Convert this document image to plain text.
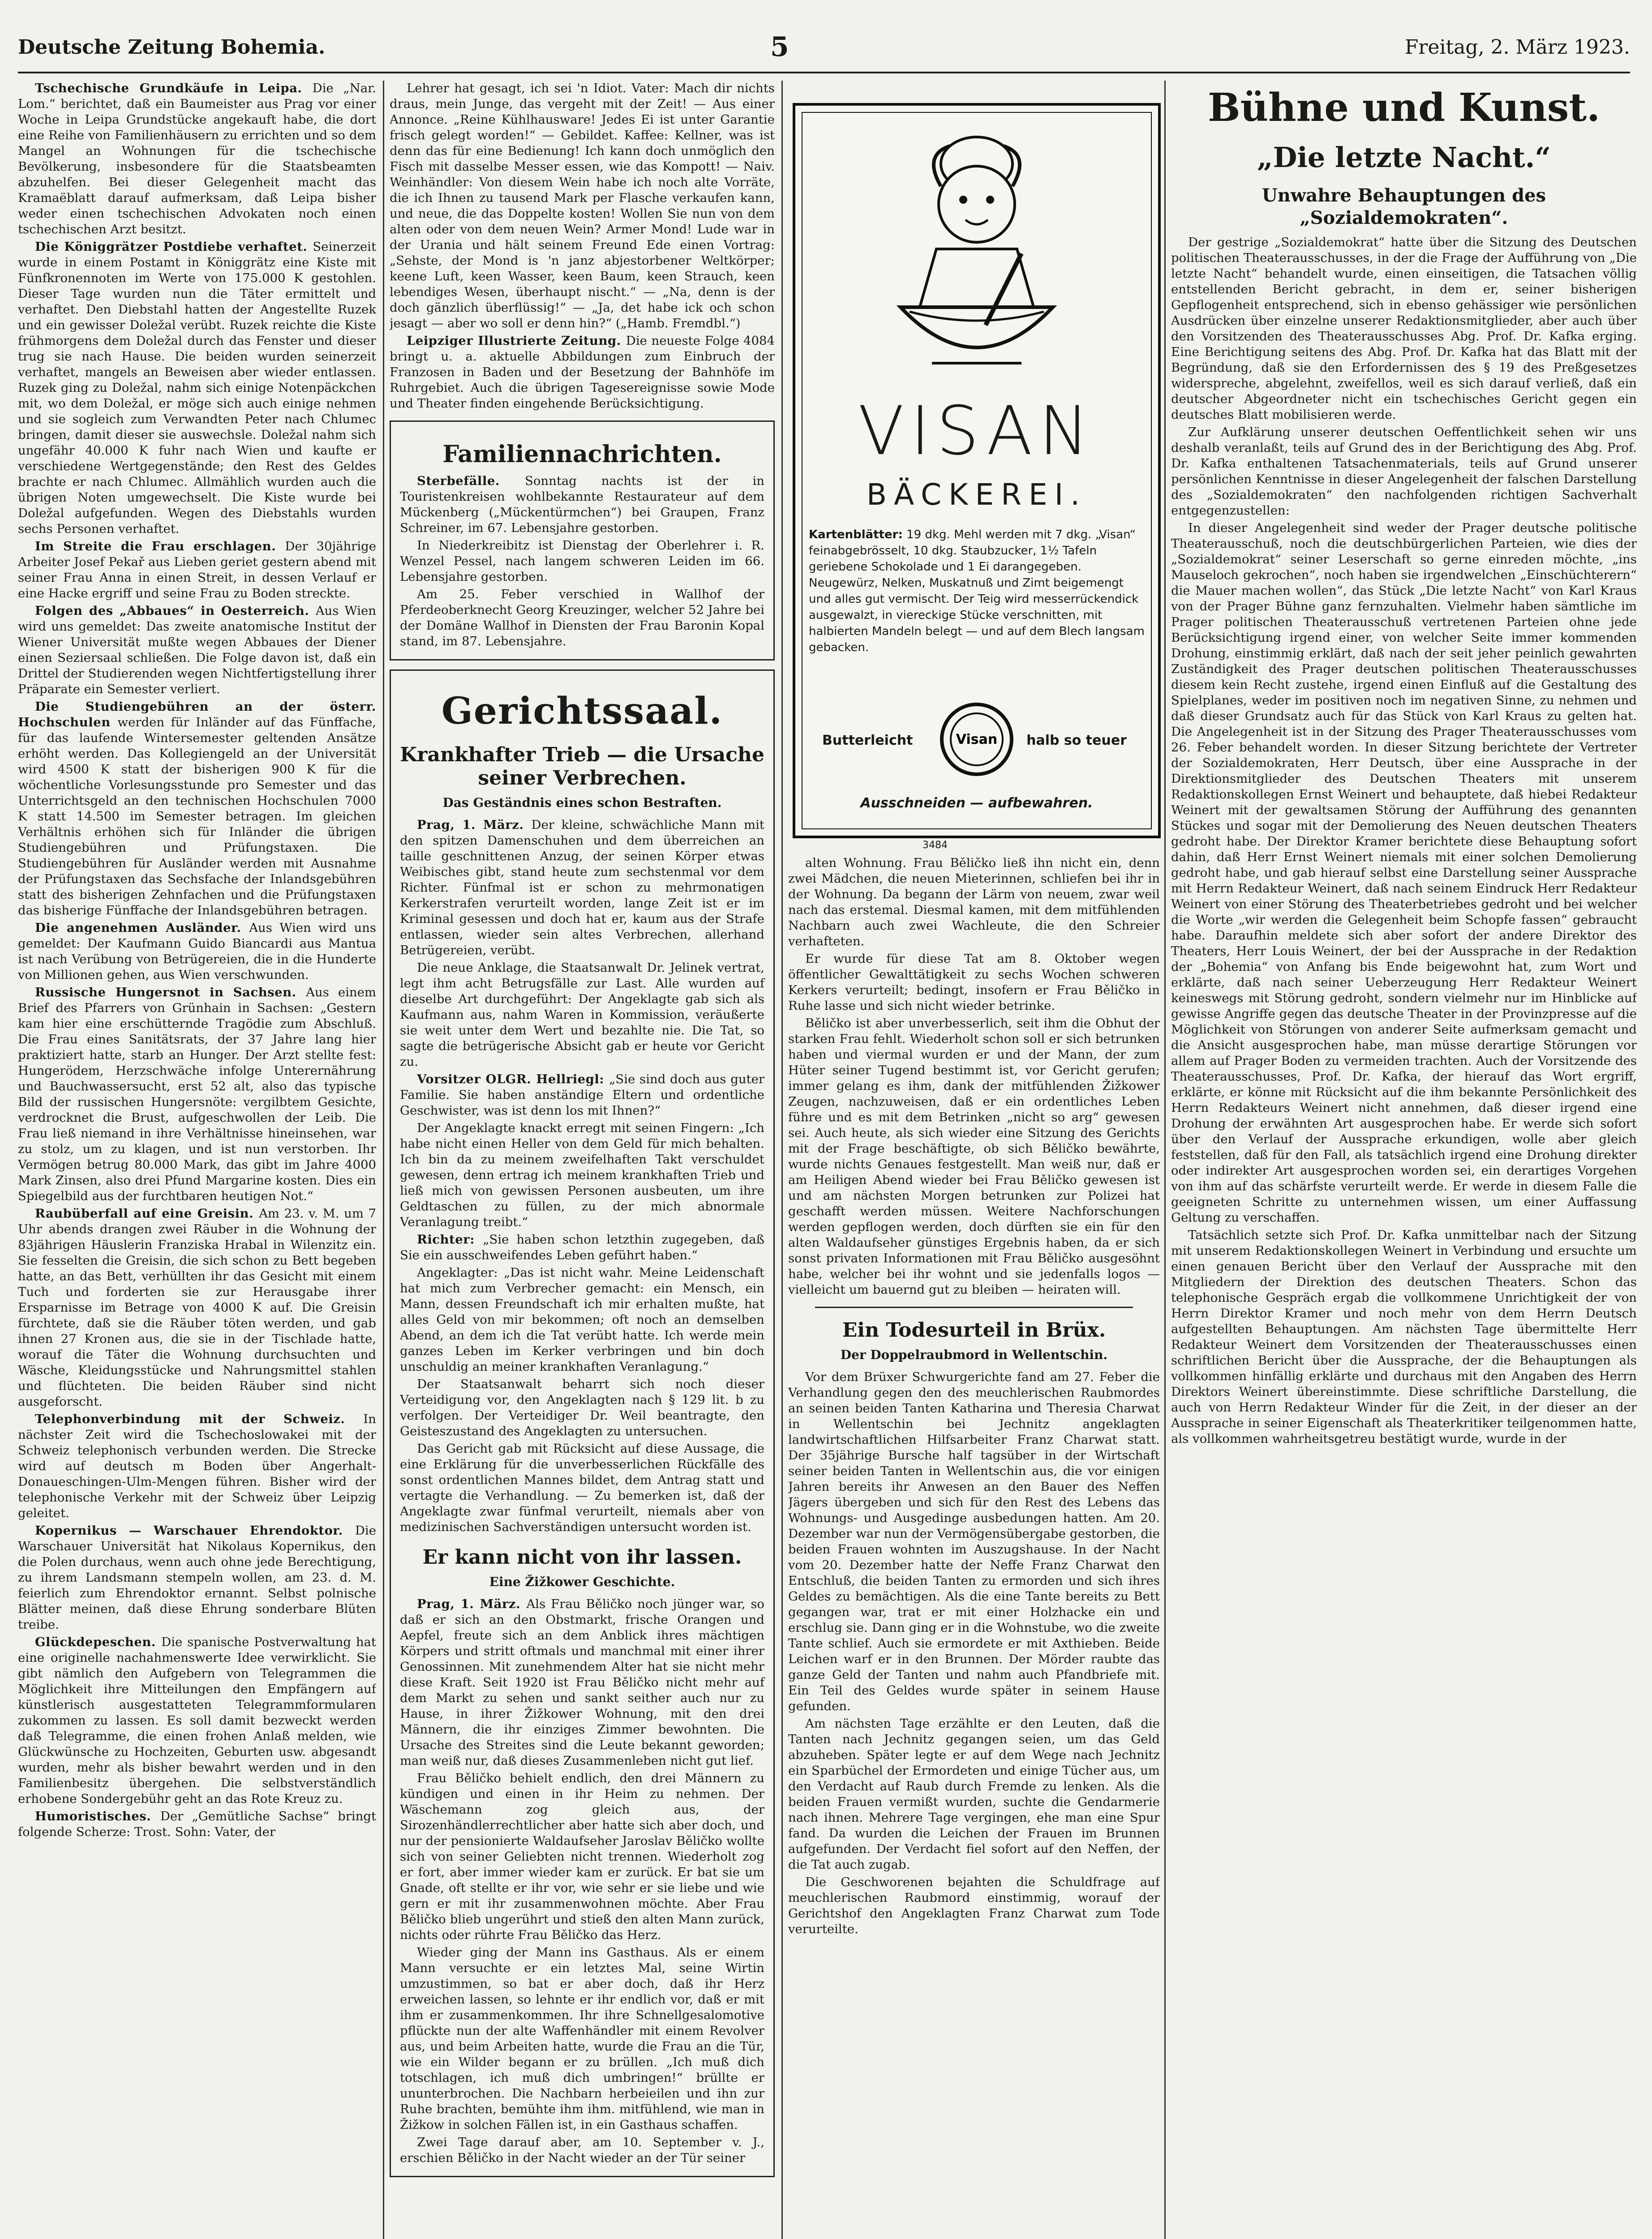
Deutsche Zeitung Bohemia.	5	Freitag, 2. März 1923.

Tschechische Grundkäufe in Leipa. Die „Nar. Lom.“ berichtet, daß ein Baumeister aus Prag vor einer Woche in Leipa Grundstücke angekauft habe, die dort eine Reihe von Familienhäusern zu errichten und so dem Mangel an Wohnungen für die tschechische Bevölkerung, insbesondere für die Staatsbeamten abzuhelfen. Bei dieser Gelegenheit macht das Kramaëblatt darauf aufmerksam, daß Leipa bisher weder einen tschechischen Advokaten noch einen tschechischen Arzt besitzt.

Die Königgrätzer Postdiebe verhaftet. Seinerzeit wurde in einem Postamt in Königgrätz eine Kiste mit Fünfkronennoten im Werte von 175.000 K gestohlen. Dieser Tage wurden nun die Täter ermittelt und verhaftet. Den Diebstahl hatten der Angestellte Ruzek und ein gewisser Doležal verübt. Ruzek reichte die Kiste frühmorgens dem Doležal durch das Fenster und dieser trug sie nach Hause. Die beiden wurden seinerzeit verhaftet, mangels an Beweisen aber wieder entlassen. Ruzek ging zu Doležal, nahm sich einige Notenpäckchen mit, wo dem Doležal, er möge sich auch einige nehmen und sie sogleich zum Verwandten Peter nach Chlumec bringen, damit dieser sie auswechsle. Doležal nahm sich ungefähr 40.000 K fuhr nach Wien und kaufte er verschiedene Wertgegenstände; den Rest des Geldes brachte er nach Chlumec. Allmählich wurden auch die übrigen Noten umgewechselt. Die Kiste wurde bei Doležal aufgefunden. Wegen des Diebstahls wurden sechs Personen verhaftet.

Im Streite die Frau erschlagen. Der 30jährige Arbeiter Josef Pekař aus Lieben geriet gestern abend mit seiner Frau Anna in einen Streit, in dessen Verlauf er eine Hacke ergriff und seine Frau zu Boden streckte.

Folgen des „Abbaues“ in Oesterreich. Aus Wien wird uns gemeldet: Das zweite anatomische Institut der Wiener Universität mußte wegen Abbaues der Diener einen Seziersaal schließen. Die Folge davon ist, daß ein Drittel der Studierenden wegen Nichtfertigstellung ihrer Präparate ein Semester verliert.

Die Studiengebühren an der österr. Hochschulen werden für Inländer auf das Fünffache, für das laufende Wintersemester geltenden Ansätze erhöht werden. Das Kollegiengeld an der Universität wird 4500 K statt der bisherigen 900 K für die wöchentliche Vorlesungsstunde pro Semester und das Unterrichtsgeld an den technischen Hochschulen 7000 K statt 14.500 im Semester betragen. Im gleichen Verhältnis erhöhen sich für Inländer die übrigen Studiengebühren und Prüfungstaxen. Die Studiengebühren für Ausländer werden mit Ausnahme der Prüfungstaxen das Sechsfache der Inlandsgebühren statt des bisherigen Zehnfachen und die Prüfungstaxen das bisherige Fünffache der Inlandsgebühren betragen.

Die angenehmen Ausländer. Aus Wien wird uns gemeldet: Der Kaufmann Guido Biancardi aus Mantua ist nach Verübung von Betrügereien, die in die Hunderte von Millionen gehen, aus Wien verschwunden.

Russische Hungersnot in Sachsen. Aus einem Brief des Pfarrers von Grünhain in Sachsen: „Gestern kam hier eine erschütternde Tragödie zum Abschluß. Die Frau eines Sanitätsrats, der 37 Jahre lang hier praktiziert hatte, starb an Hunger. Der Arzt stellte fest: Hungerödem, Herzschwäche infolge Unterernährung und Bauchwassersucht, erst 52 alt, also das typische Bild der russischen Hungersnöte: vergilbtem Gesichte, verdrocknet die Brust, aufgeschwollen der Leib. Die Frau ließ niemand in ihre Verhältnisse hineinsehen, war zu stolz, um zu klagen, und ist nun verstorben. Ihr Vermögen betrug 80.000 Mark, das gibt im Jahre 4000 Mark Zinsen, also drei Pfund Margarine kosten. Dies ein Spiegelbild aus der furchtbaren heutigen Not.“

Raubüberfall auf eine Greisin. Am 23. v. M. um 7 Uhr abends drangen zwei Räuber in die Wohnung der 83jährigen Häuslerin Franziska Hrabal in Wilenzitz ein. Sie fesselten die Greisin, die sich schon zu Bett begeben hatte, an das Bett, verhüllten ihr das Gesicht mit einem Tuch und forderten sie zur Herausgabe ihrer Ersparnisse im Betrage von 4000 K auf. Die Greisin fürchtete, daß sie die Räuber töten werden, und gab ihnen 27 Kronen aus, die sie in der Tischlade hatte, worauf die Täter die Wohnung durchsuchten und Wäsche, Kleidungsstücke und Nahrungsmittel stahlen und flüchteten. Die beiden Räuber sind nicht ausgeforscht.

Telephonverbindung mit der Schweiz. In nächster Zeit wird die Tschechoslowakei mit der Schweiz telephonisch verbunden werden. Die Strecke wird auf deutsch m Boden über Angerhalt-Donaueschingen-Ulm-Mengen führen. Bisher wird der telephonische Verkehr mit der Schweiz über Leipzig geleitet.

Kopernikus — Warschauer Ehrendoktor. Die Warschauer Universität hat Nikolaus Kopernikus, den die Polen durchaus, wenn auch ohne jede Berechtigung, zu ihrem Landsmann stempeln wollen, am 23. d. M. feierlich zum Ehrendoktor ernannt. Selbst polnische Blätter meinen, daß diese Ehrung sonderbare Blüten treibe.

Glückdepeschen. Die spanische Postverwaltung hat eine originelle nachahmenswerte Idee verwirklicht. Sie gibt nämlich den Aufgebern von Telegrammen die Möglichkeit ihre Mitteilungen den Empfängern auf künstlerisch ausgestatteten Telegrammformularen zukommen zu lassen. Es soll damit bezweckt werden daß Telegramme, die einen frohen Anlaß melden, wie Glückwünsche zu Hochzeiten, Geburten usw. abgesandt wurden, mehr als bisher bewahrt werden und in den Familienbesitz übergehen. Die selbstverständlich erhobene Sondergebühr geht an das Rote Kreuz zu.

Humoristisches. Der „Gemütliche Sachse“ bringt folgende Scherze: Trost. Sohn: Vater, der

Lehrer hat gesagt, ich sei 'n Idiot. Vater: Mach dir nichts draus, mein Junge, das vergeht mit der Zeit! — Aus einer Annonce. „Reine Kühlhausware! Jedes Ei ist unter Garantie frisch gelegt worden!“ — Gebildet. Kaffee: Kellner, was ist denn das für eine Bedienung! Ich kann doch unmöglich den Fisch mit dasselbe Messer essen, wie das Kompott! — Naiv. Weinhändler: Von diesem Wein habe ich noch alte Vorräte, die ich Ihnen zu tausend Mark per Flasche verkaufen kann, und neue, die das Doppelte kosten! Wollen Sie nun von dem alten oder von dem neuen Wein? Armer Mond! Lude war in der Urania und hält seinem Freund Ede einen Vortrag: „Sehste, der Mond is 'n janz abjestorbener Weltkörper; keene Luft, keen Wasser, keen Baum, keen Strauch, keen lebendiges Wesen, überhaupt nischt.“ — „Na, denn is der doch gänzlich überflüssig!“ — „Ja, det habe ick och schon jesagt — aber wo soll er denn hin?“ („Hamb. Fremdbl.“)

Leipziger Illustrierte Zeitung. Die neueste Folge 4084 bringt u. a. aktuelle Abbildungen zum Einbruch der Franzosen in Baden und der Besetzung der Bahnhöfe im Ruhrgebiet. Auch die übrigen Tagesereignisse sowie Mode und Theater finden eingehende Berücksichtigung.

Familiennachrichten.

Sterbefälle. Sonntag nachts ist der in Touristenkreisen wohlbekannte Restaurateur auf dem Mückenberg („Mückentürmchen“) bei Graupen, Franz Schreiner, im 67. Lebensjahre gestorben.

In Niederkreibitz ist Dienstag der Oberlehrer i. R. Wenzel Pessel, nach langem schweren Leiden im 66. Lebensjahre gestorben.

Am 25. Feber verschied in Wallhof der Pferdeoberknecht Georg Kreuzinger, welcher 52 Jahre bei der Domäne Wallhof in Diensten der Frau Baronin Kopal stand, im 87. Lebensjahre.

Gerichtssaal.
Krankhafter Trieb — die Ursache seiner Verbrechen.
Das Geständnis eines schon Bestraften.

Prag, 1. März. Der kleine, schwächliche Mann mit den spitzen Damenschuhen und dem überreichen an taille geschnittenen Anzug, der seinen Körper etwas Weibisches gibt, stand heute zum sechstenmal vor dem Richter. Fünfmal ist er schon zu mehrmonatigen Kerkerstrafen verurteilt worden, lange Zeit ist er im Kriminal gesessen und doch hat er, kaum aus der Strafe entlassen, wieder sein altes Verbrechen, allerhand Betrügereien, verübt.

Die neue Anklage, die Staatsanwalt Dr. Jelinek vertrat, legt ihm acht Betrugsfälle zur Last. Alle wurden auf dieselbe Art durchgeführt: Der Angeklagte gab sich als Kaufmann aus, nahm Waren in Kommission, veräußerte sie weit unter dem Wert und bezahlte nie. Die Tat, so sagte die betrügerische Absicht gab er heute vor Gericht zu.

Vorsitzer OLGR. Hellriegl: „Sie sind doch aus guter Familie. Sie haben anständige Eltern und ordentliche Geschwister, was ist denn los mit Ihnen?“

Der Angeklagte knackt erregt mit seinen Fingern: „Ich habe nicht einen Heller von dem Geld für mich behalten. Ich bin da zu meinem zweifelhaften Takt verschuldet gewesen, denn ertrag ich meinem krankhaften Trieb und ließ mich von gewissen Personen ausbeuten, um ihre Geldtaschen zu füllen, zu der mich abnormale Veranlagung treibt.“

Richter: „Sie haben schon letzthin zugegeben, daß Sie ein ausschweifendes Leben geführt haben.“

Angeklagter: „Das ist nicht wahr. Meine Leidenschaft hat mich zum Verbrecher gemacht: ein Mensch, ein Mann, dessen Freundschaft ich mir erhalten mußte, hat alles Geld von mir bekommen; oft noch an demselben Abend, an dem ich die Tat verübt hatte. Ich werde mein ganzes Leben im Kerker verbringen und bin doch unschuldig an meiner krankhaften Veranlagung.“

Der Staatsanwalt beharrt sich noch dieser Verteidigung vor, den Angeklagten nach § 129 lit. b zu verfolgen. Der Verteidiger Dr. Weil beantragte, den Geisteszustand des Angeklagten zu untersuchen.

Das Gericht gab mit Rücksicht auf diese Aussage, die eine Erklärung für die unverbesserlichen Rückfälle des sonst ordentlichen Mannes bildet, dem Antrag statt und vertagte die Verhandlung. — Zu bemerken ist, daß der Angeklagte zwar fünfmal verurteilt, niemals aber von medizinischen Sachverständigen untersucht worden ist.

Er kann nicht von ihr lassen.
Eine Žižkower Geschichte.

Prag, 1. März. Als Frau Běličko noch jünger war, so daß er sich an den Obstmarkt, frische Orangen und Aepfel, freute sich an dem Anblick ihres mächtigen Körpers und stritt oftmals und manchmal mit einer ihrer Genossinnen. Mit zunehmendem Alter hat sie nicht mehr diese Kraft. Seit 1920 ist Frau Běličko nicht mehr auf dem Markt zu sehen und sankt seither auch nur zu Hause, in ihrer Žižkower Wohnung, mit den drei Männern, die ihr einziges Zimmer bewohnten. Die Ursache des Streites sind die Leute bekannt geworden; man weiß nur, daß dieses Zusammenleben nicht gut lief.

Frau Běličko behielt endlich, den drei Männern zu kündigen und einen in ihr Heim zu nehmen. Der Wäschemann zog gleich aus, der Sirozenhändlerrechtlicher aber hatte sich aber doch, und nur der pensionierte Waldaufseher Jaroslav Běličko wollte sich von seiner Geliebten nicht trennen. Wiederholt zog er fort, aber immer wieder kam er zurück. Er bat sie um Gnade, oft stellte er ihr vor, wie sehr er sie liebe und wie gern er mit ihr zusammenwohnen möchte. Aber Frau Běličko blieb ungerührt und stieß den alten Mann zurück, nichts oder rührte Frau Běličko das Herz.

Wieder ging der Mann ins Gasthaus. Als er einem Mann versuchte er ein letztes Mal, seine Wirtin umzustimmen, so bat er aber doch, daß ihr Herz erweichen lassen, so lehnte er ihr endlich vor, daß er mit ihm er zusammenkommen. Ihr ihre Schnellgesalomotive pflückte nun der alte Waffenhändler mit einem Revolver aus, und beim Arbeiten hatte, wurde die Frau an die Tür, wie ein Wilder begann er zu brüllen. „Ich muß dich totschlagen, ich muß dich umbringen!“ brüllte er ununterbrochen. Die Nachbarn herbeieilen und ihn zur Ruhe brachten, bemühte ihm ihm. mitfühlend, wie man in Žižkow in solchen Fällen ist, in ein Gasthaus schaffen.

Zwei Tage darauf aber, am 10. September v. J., erschien Běličko in der Nacht wieder an der Tür seiner

VISAN
BÄCKEREI.
Kartenblätter: 19 dkg. Mehl werden mit 7 dkg. „Visan“ feinabgebrösselt, 10 dkg. Staubzucker, 1½ Tafeln geriebene Schokolade und 1 Ei darangegeben. Neugewürz, Nelken, Muskatnuß und Zimt beigemengt und alles gut vermischt. Der Teig wird messerrückendick ausgewalzt, in viereckige Stücke verschnitten, mit halbierten Mandeln belegt — und auf dem Blech langsam gebacken.
Butterleicht	Visan halb so teuer
Ausschneiden — aufbewahren.
3484

alten Wohnung. Frau Běličko ließ ihn nicht ein, denn zwei Mädchen, die neuen Mieterinnen, schliefen bei ihr in der Wohnung. Da begann der Lärm von neuem, zwar weil nach das erstemal. Diesmal kamen, mit dem mitfühlenden Nachbarn auch zwei Wachleute, die den Schreier verhafteten.

Er wurde für diese Tat am 8. Oktober wegen öffentlicher Gewalttätigkeit zu sechs Wochen schweren Kerkers verurteilt; bedingt, insofern er Frau Běličko in Ruhe lasse und sich nicht wieder betrinke.

Běličko ist aber unverbesserlich, seit ihm die Obhut der starken Frau fehlt. Wiederholt schon soll er sich betrunken haben und viermal wurden er und der Mann, der zum Hüter seiner Tugend bestimmt ist, vor Gericht gerufen; immer gelang es ihm, dank der mitfühlenden Žižkower Zeugen, nachzuweisen, daß er ein ordentliches Leben führe und es mit dem Betrinken „nicht so arg“ gewesen sei. Auch heute, als sich wieder eine Sitzung des Gerichts mit der Frage beschäftigte, ob sich Běličko bewährte, wurde nichts Genaues festgestellt. Man weiß nur, daß er am Heiligen Abend wieder bei Frau Běličko gewesen ist und am nächsten Morgen betrunken zur Polizei hat geschafft werden müssen. Weitere Nachforschungen werden gepflogen werden, doch dürften sie ein für den alten Waldaufseher günstiges Ergebnis haben, da er sich sonst privaten Informationen mit Frau Běličko ausgesöhnt habe, welcher bei ihr wohnt und sie jedenfalls logos — vielleicht um bauernd gut zu bleiben — heiraten will.

Ein Todesurteil in Brüx.
Der Doppelraubmord in Wellentschin.

Vor dem Brüxer Schwurgerichte fand am 27. Feber die Verhandlung gegen den des meuchlerischen Raubmordes an seinen beiden Tanten Katharina und Theresia Charwat in Wellentschin bei Jechnitz angeklagten landwirtschaftlichen Hilfsarbeiter Franz Charwat statt. Der 35jährige Bursche half tagsüber in der Wirtschaft seiner beiden Tanten in Wellentschin aus, die vor einigen Jahren bereits ihr Anwesen an den Bauer des Neffen Jägers übergeben und sich für den Rest des Lebens das Wohnungs- und Ausgedinge ausbedungen hatten. Am 20. Dezember war nun der Vermögensübergabe gestorben, die beiden Frauen wohnten im Auszugshause. In der Nacht vom 20. Dezember hatte der Neffe Franz Charwat den Entschluß, die beiden Tanten zu ermorden und sich ihres Geldes zu bemächtigen. Als die eine Tante bereits zu Bett gegangen war, trat er mit einer Holzhacke ein und erschlug sie. Dann ging er in die Wohnstube, wo die zweite Tante schlief. Auch sie ermordete er mit Axthieben. Beide Leichen warf er in den Brunnen. Der Mörder raubte das ganze Geld der Tanten und nahm auch Pfandbriefe mit. Ein Teil des Geldes wurde später in seinem Hause gefunden.

Am nächsten Tage erzählte er den Leuten, daß die Tanten nach Jechnitz gegangen seien, um das Geld abzuheben. Später legte er auf dem Wege nach Jechnitz ein Sparbüchel der Ermordeten und einige Tücher aus, um den Verdacht auf Raub durch Fremde zu lenken. Als die beiden Frauen vermißt wurden, suchte die Gendarmerie nach ihnen. Mehrere Tage vergingen, ehe man eine Spur fand. Da wurden die Leichen der Frauen im Brunnen aufgefunden. Der Verdacht fiel sofort auf den Neffen, der die Tat auch zugab.

Die Geschworenen bejahten die Schuldfrage auf meuchlerischen Raubmord einstimmig, worauf der Gerichtshof den Angeklagten Franz Charwat zum Tode verurteilte.

Bühne und Kunst.
„Die letzte Nacht.“
Unwahre Behauptungen des „Sozialdemokraten“.

Der gestrige „Sozialdemokrat“ hatte über die Sitzung des Deutschen politischen Theaterausschusses, in der die Frage der Aufführung von „Die letzte Nacht“ behandelt wurde, einen einseitigen, die Tatsachen völlig entstellenden Bericht gebracht, in dem er, seiner bisherigen Gepflogenheit entsprechend, sich in ebenso gehässiger wie persönlichen Ausdrücken über einzelne unserer Redaktionsmitglieder, aber auch über den Vorsitzenden des Theaterausschusses Abg. Prof. Dr. Kafka erging. Eine Berichtigung seitens des Abg. Prof. Dr. Kafka hat das Blatt mit der Begründung, daß sie den Erfordernissen des § 19 des Preßgesetzes widerspreche, abgelehnt, zweifellos, weil es sich darauf verließ, daß ein deutscher Abgeordneter nicht ein tschechisches Gericht gegen ein deutsches Blatt mobilisieren werde.

Zur Aufklärung unserer deutschen Oeffentlichkeit sehen wir uns deshalb veranlaßt, teils auf Grund des in der Berichtigung des Abg. Prof. Dr. Kafka enthaltenen Tatsachenmaterials, teils auf Grund unserer persönlichen Kenntnisse in dieser Angelegenheit der falschen Darstellung des „Sozialdemokraten“ den nachfolgenden richtigen Sachverhalt entgegenzustellen:

In dieser Angelegenheit sind weder der Prager deutsche politische Theaterausschuß, noch die deutschbürgerlichen Parteien, wie dies der „Sozialdemokrat“ seiner Leserschaft so gerne einreden möchte, „ins Mauseloch gekrochen“, noch haben sie irgendwelchen „Einschüchterern“ die Mauer machen wollen“, das Stück „Die letzte Nacht“ von Karl Kraus von der Prager Bühne ganz fernzuhalten. Vielmehr haben sämtliche im Prager politischen Theaterausschuß vertretenen Parteien ohne jede Berücksichtigung irgend einer, von welcher Seite immer kommenden Drohung, einstimmig erklärt, daß nach der seit jeher peinlich gewahrten Zuständigkeit des Prager deutschen politischen Theaterausschusses diesem kein Recht zustehe, irgend einen Einfluß auf die Gestaltung des Spielplanes, weder im positiven noch im negativen Sinne, zu nehmen und daß dieser Grundsatz auch für das Stück von Karl Kraus zu gelten hat. Die Angelegenheit ist in der Sitzung des Prager Theaterausschusses vom 26. Feber behandelt worden. In dieser Sitzung berichtete der Vertreter der Sozialdemokraten, Herr Deutsch, über eine Aussprache in der Direktionsmitglieder des Deutschen Theaters mit unserem Redaktionskollegen Ernst Weinert und behauptete, daß hiebei Redakteur Weinert mit der gewaltsamen Störung der Aufführung des genannten Stückes und sogar mit der Demolierung des Neuen deutschen Theaters gedroht habe. Der Direktor Kramer berichtete diese Behauptung sofort dahin, daß Herr Ernst Weinert niemals mit einer solchen Demolierung gedroht habe, und gab hierauf selbst eine Darstellung seiner Aussprache mit Herrn Redakteur Weinert, daß nach seinem Eindruck Herr Redakteur Weinert von einer Störung des Theaterbetriebes gedroht und bei welcher die Worte „wir werden die Gelegenheit beim Schopfe fassen“ gebraucht habe. Daraufhin meldete sich aber sofort der andere Direktor des Theaters, Herr Louis Weinert, der bei der Aussprache in der Redaktion der „Bohemia“ von Anfang bis Ende beigewohnt hat, zum Wort und erklärte, daß nach seiner Ueberzeugung Herr Redakteur Weinert keineswegs mit Störung gedroht, sondern vielmehr nur im Hinblicke auf gewisse Angriffe gegen das deutsche Theater in der Provinzpresse auf die Möglichkeit von Störungen von anderer Seite aufmerksam gemacht und die Ansicht ausgesprochen habe, man müsse derartige Störungen vor allem auf Prager Boden zu vermeiden trachten. Auch der Vorsitzende des Theaterausschusses, Prof. Dr. Kafka, der hierauf das Wort ergriff, erklärte, er könne mit Rücksicht auf die ihm bekannte Persönlichkeit des Herrn Redakteurs Weinert nicht annehmen, daß dieser irgend eine Drohung der erwähnten Art ausgesprochen habe. Er werde sich sofort über den Verlauf der Aussprache erkundigen, wolle aber gleich feststellen, daß für den Fall, als tatsächlich irgend eine Drohung direkter oder indirekter Art ausgesprochen worden sei, ein derartiges Vorgehen von ihm auf das schärfste verurteilt werde. Er werde in diesem Falle die geeigneten Schritte zu unternehmen wissen, um einer Auffassung Geltung zu verschaffen.

Tatsächlich setzte sich Prof. Dr. Kafka unmittelbar nach der Sitzung mit unserem Redaktionskollegen Weinert in Verbindung und ersuchte um einen genauen Bericht über den Verlauf der Aussprache mit den Mitgliedern der Direktion des deutschen Theaters. Schon das telephonische Gespräch ergab die vollkommene Unrichtigkeit der von Herrn Direktor Kramer und noch mehr von dem Herrn Deutsch aufgestellten Behauptungen. Am nächsten Tage übermittelte Herr Redakteur Weinert dem Vorsitzenden der Theaterausschusses einen schriftlichen Bericht über die Aussprache, der die Behauptungen als vollkommen hinfällig erklärte und durchaus mit den Angaben des Herrn Direktors Weinert übereinstimmte. Diese schriftliche Darstellung, die auch von Herrn Redakteur Winder für die Zeit, in der dieser an der Aussprache in seiner Eigenschaft als Theaterkritiker teilgenommen hatte, als vollkommen wahrheitsgetreu bestätigt wurde, wurde in der
